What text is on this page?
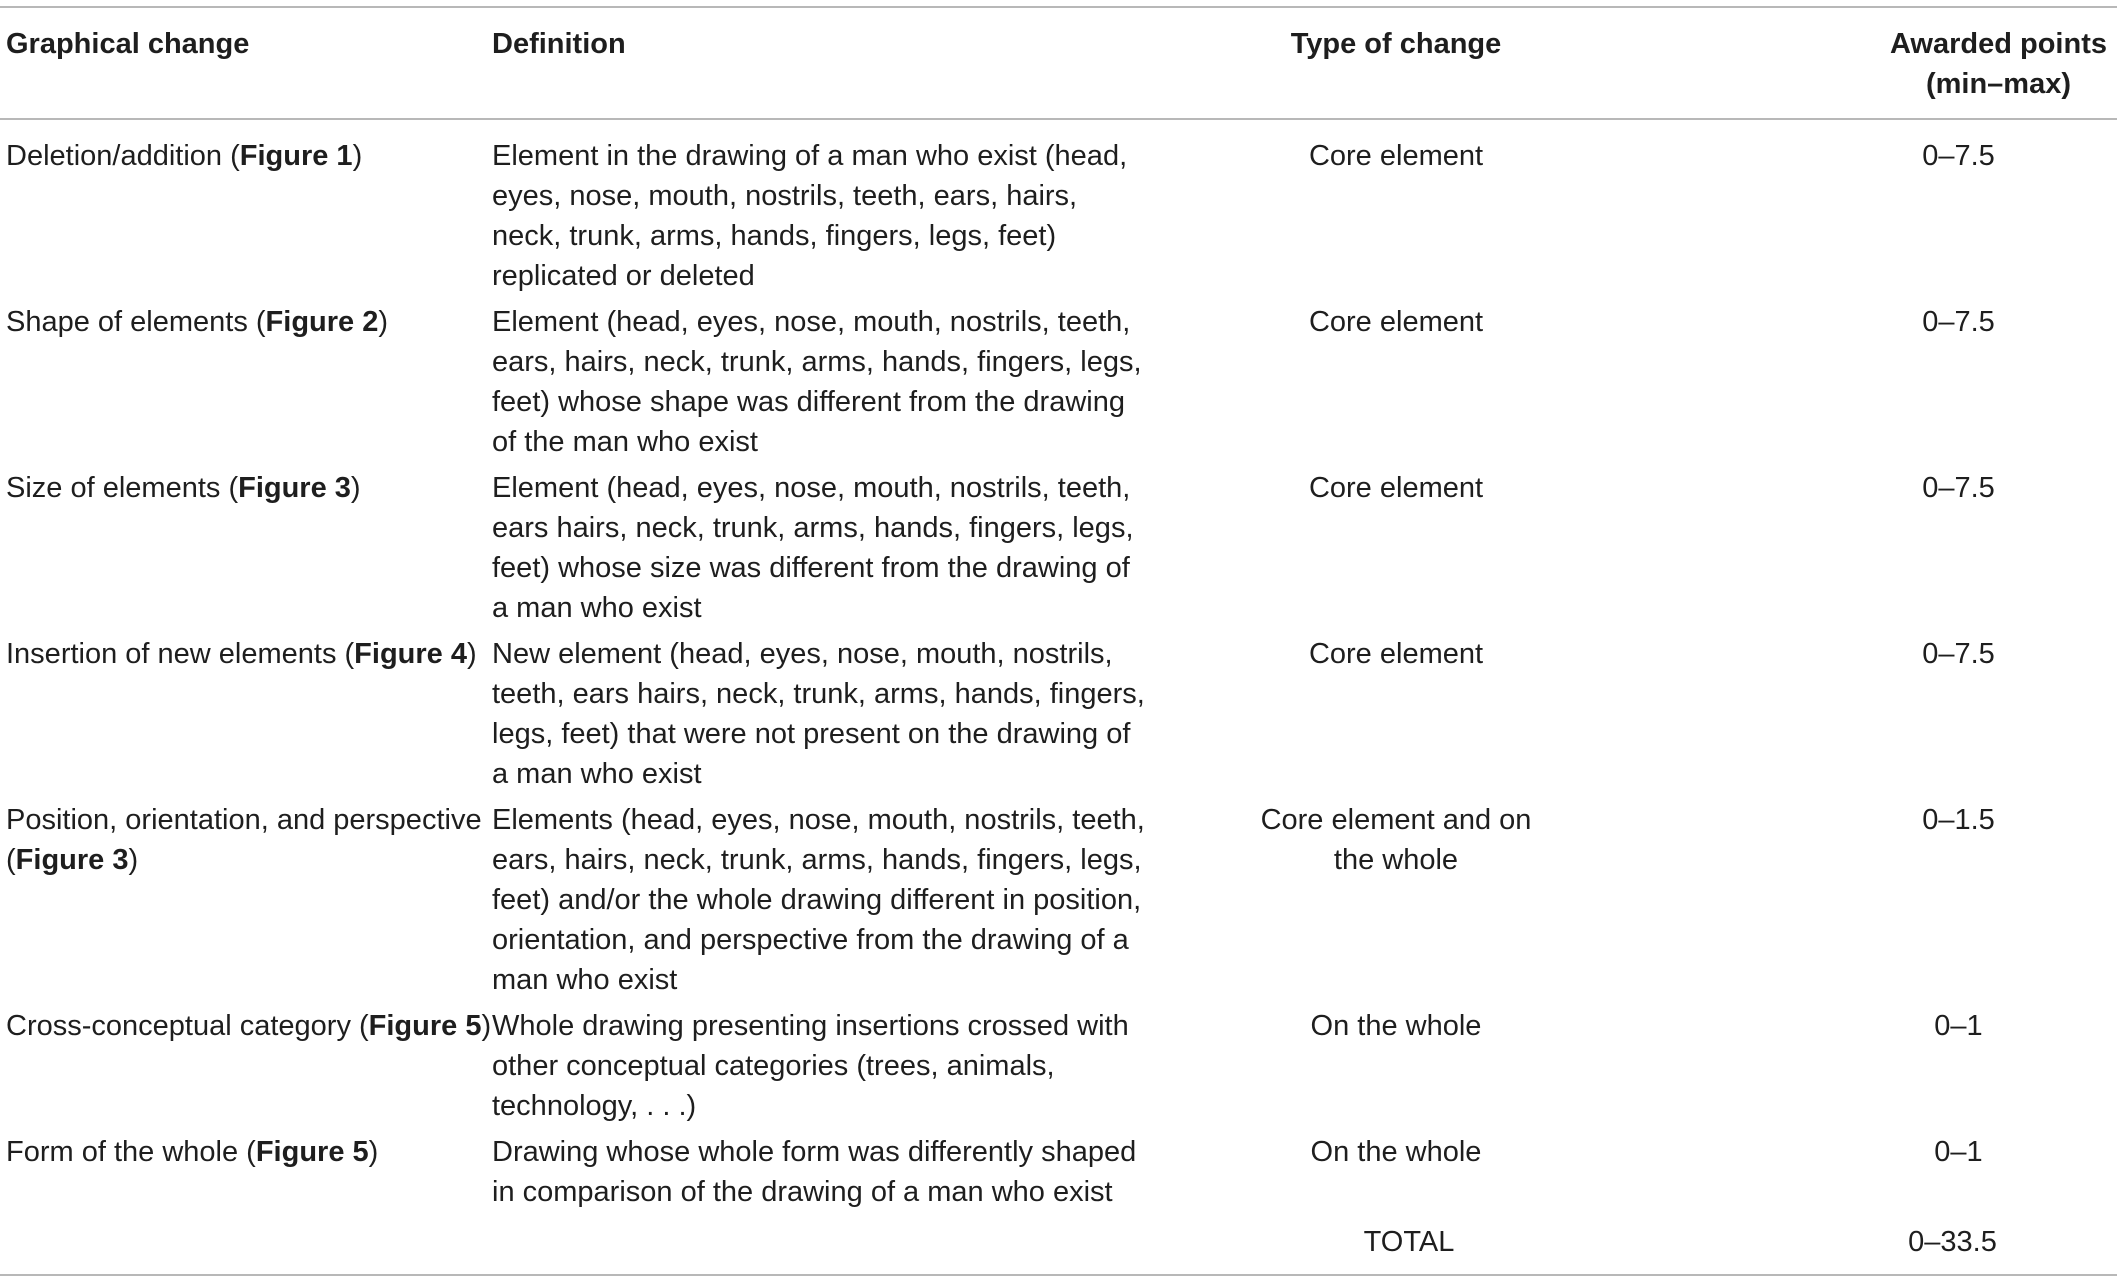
Graphical change	Definition	Type of change	Awarded points
(min–max)

Deletion/addition (Figure 1)	Element in the drawing of a man who exist (head, eyes, nose, mouth, nostrils, teeth, ears, hairs, neck, trunk, arms, hands, fingers, legs, feet) replicated or deleted	Core element	0–7.5

Shape of elements (Figure 2)	Element (head, eyes, nose, mouth, nostrils, teeth, ears, hairs, neck, trunk, arms, hands, fingers, legs, feet) whose shape was different from the drawing of the man who exist	Core element	0–7.5

Size of elements (Figure 3)	Element (head, eyes, nose, mouth, nostrils, teeth, ears hairs, neck, trunk, arms, hands, fingers, legs, feet) whose size was different from the drawing of a man who exist	Core element	0–7.5

Insertion of new elements (Figure 4)	New element (head, eyes, nose, mouth, nostrils, teeth, ears hairs, neck, trunk, arms, hands, fingers, legs, feet) that were not present on the drawing of a man who exist	Core element	0–7.5

Position, orientation, and perspective (Figure 3)	Elements (head, eyes, nose, mouth, nostrils, teeth, ears, hairs, neck, trunk, arms, hands, fingers, legs, feet) and/or the whole drawing different in position, orientation, and perspective from the drawing of a man who exist	Core element and on the whole	0–1.5

Cross-conceptual category (Figure 5)	Whole drawing presenting insertions crossed with other conceptual categories (trees, animals, technology, . . .)	On the whole	0–1

Form of the whole (Figure 5)	Drawing whose whole form was differently shaped in comparison of the drawing of a man who exist	On the whole	0–1

		TOTAL	0–33.5
